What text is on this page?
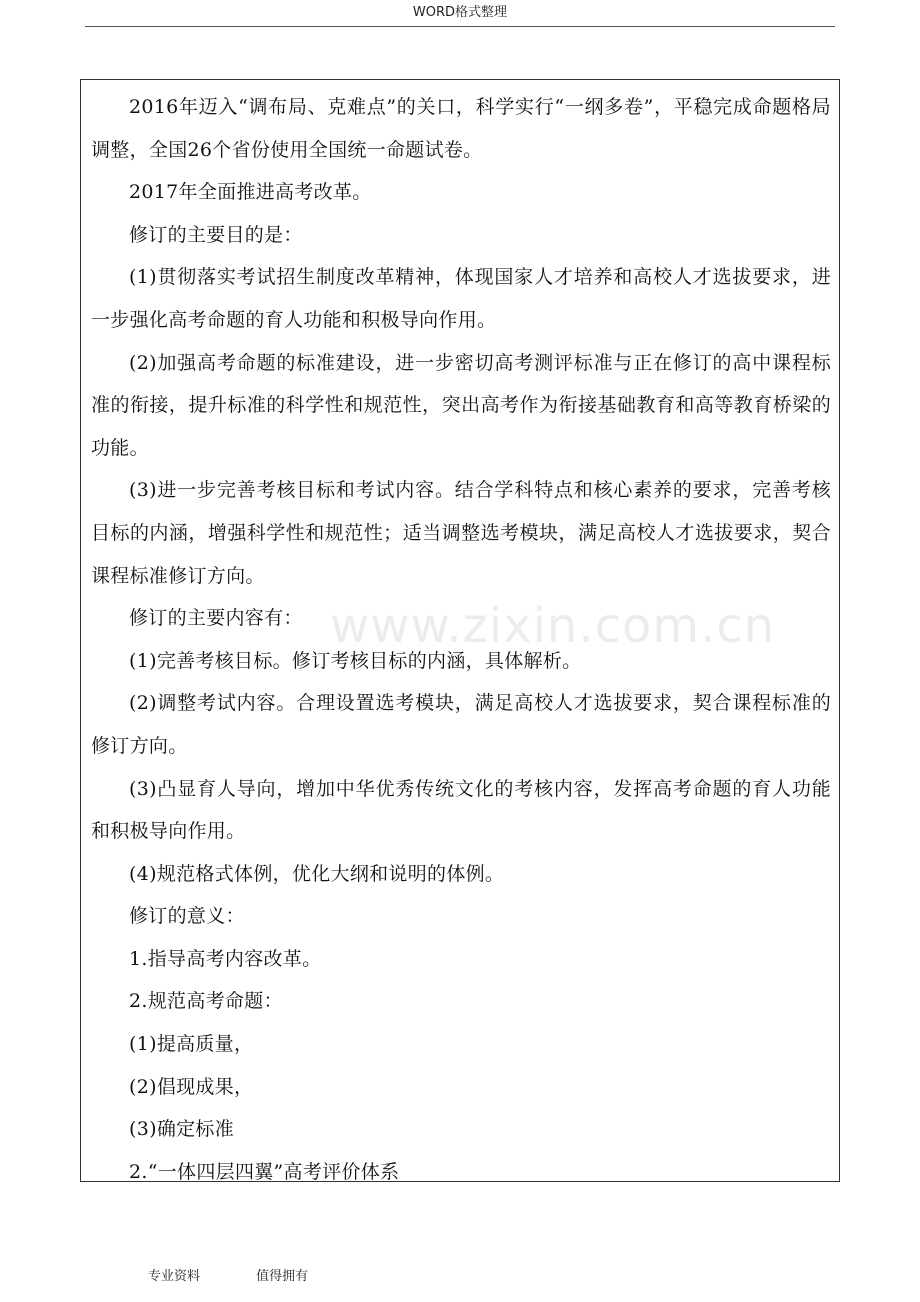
WORD格式整理

2016年迈入“调布局、克难点”的关口，科学实行“一纲多卷”，平稳完成命题格局调整，全国26个省份使用全国统一命题试卷。

2017年全面推进高考改革。

修订的主要目的是：

(1)贯彻落实考试招生制度改革精神，体现国家人才培养和高校人才选拔要求，进一步强化高考命题的育人功能和积极导向作用。

(2)加强高考命题的标准建设，进一步密切高考测评标准与正在修订的高中课程标准的衔接，提升标准的科学性和规范性，突出高考作为衔接基础教育和高等教育桥梁的功能。

(3)进一步完善考核目标和考试内容。结合学科特点和核心素养的要求，完善考核目标的内涵，增强科学性和规范性；适当调整选考模块，满足高校人才选拔要求，契合课程标准修订方向。

修订的主要内容有：

(1)完善考核目标。修订考核目标的内涵，具体解析。

(2)调整考试内容。合理设置选考模块，满足高校人才选拔要求，契合课程标准的修订方向。

(3)凸显育人导向，增加中华优秀传统文化的考核内容，发挥高考命题的育人功能和积极导向作用。

(4)规范格式体例，优化大纲和说明的体例。

修订的意义：

1.指导高考内容改革。

2.规范高考命题：

(1)提高质量，

(2)倡现成果，

(3)确定标准

2.“一体四层四翼”高考评价体系

www.zixin.com.cn
专业资料	值得拥有
